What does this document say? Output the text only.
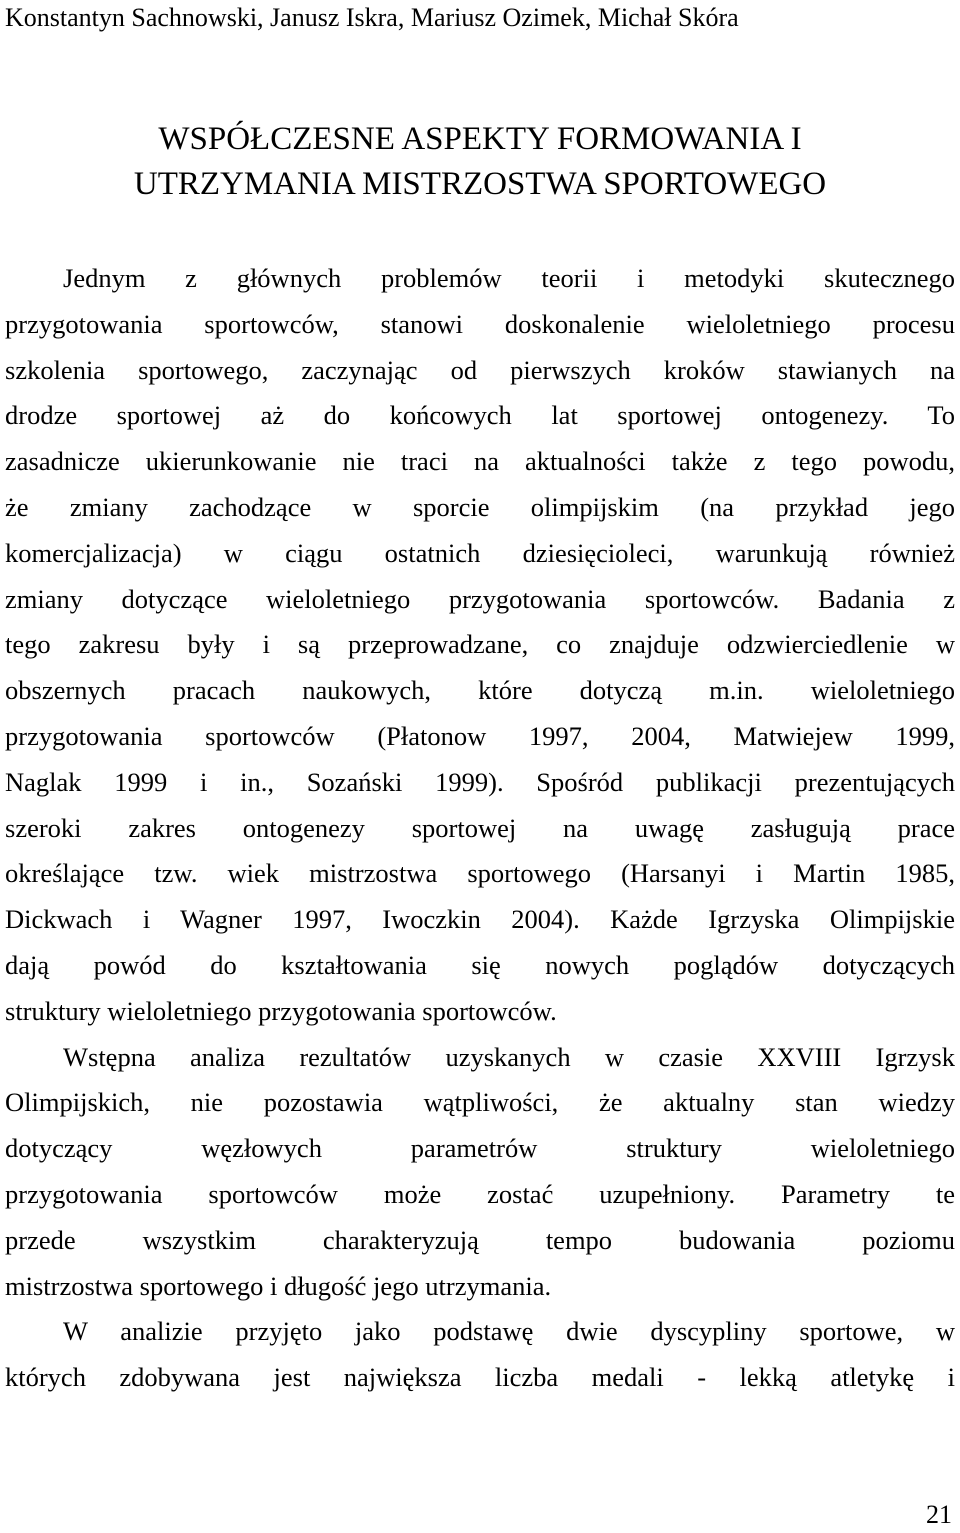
Konstantyn Sachnowski, Janusz Iskra, Mariusz Ozimek, Michał Skóra
WSPÓŁCZESNE ASPEKTY FORMOWANIA I
UTRZYMANIA MISTRZOSTWA SPORTOWEGO

Jednym z głównych problemów teorii i metodyki skutecznego
przygotowania sportowców, stanowi doskonalenie wieloletniego procesu
szkolenia sportowego, zaczynając od pierwszych kroków stawianych na
drodze sportowej aż do końcowych lat sportowej ontogenezy. To
zasadnicze ukierunkowanie nie traci na aktualności także z tego powodu,
że zmiany zachodzące w sporcie olimpijskim (na przykład jego
komercjalizacja) w ciągu ostatnich dziesięcioleci, warunkują również
zmiany dotyczące wieloletniego przygotowania sportowców. Badania z
tego zakresu były i są przeprowadzane, co znajduje odzwierciedlenie w
obszernych pracach naukowych, które dotyczą m.in. wieloletniego
przygotowania sportowców (Płatonow 1997, 2004, Matwiejew 1999,
Naglak 1999 i in., Sozański 1999). Spośród publikacji prezentujących
szeroki zakres ontogenezy sportowej na uwagę zasługują prace
określające tzw. wiek mistrzostwa sportowego (Harsanyi i Martin 1985,
Dickwach i Wagner 1997, Iwoczkin 2004). Każde Igrzyska Olimpijskie
dają powód do kształtowania się nowych poglądów dotyczących
struktury wieloletniego przygotowania sportowców.

Wstępna analiza rezultatów uzyskanych w czasie XXVIII Igrzysk
Olimpijskich, nie pozostawia wątpliwości, że aktualny stan wiedzy
dotyczący węzłowych parametrów struktury wieloletniego
przygotowania sportowców może zostać uzupełniony. Parametry te
przede wszystkim charakteryzują tempo budowania poziomu
mistrzostwa sportowego i długość jego utrzymania.

W analizie przyjęto jako podstawę dwie dyscypliny sportowe, w
których zdobywana jest największa liczba medali - lekką atletykę i

21
